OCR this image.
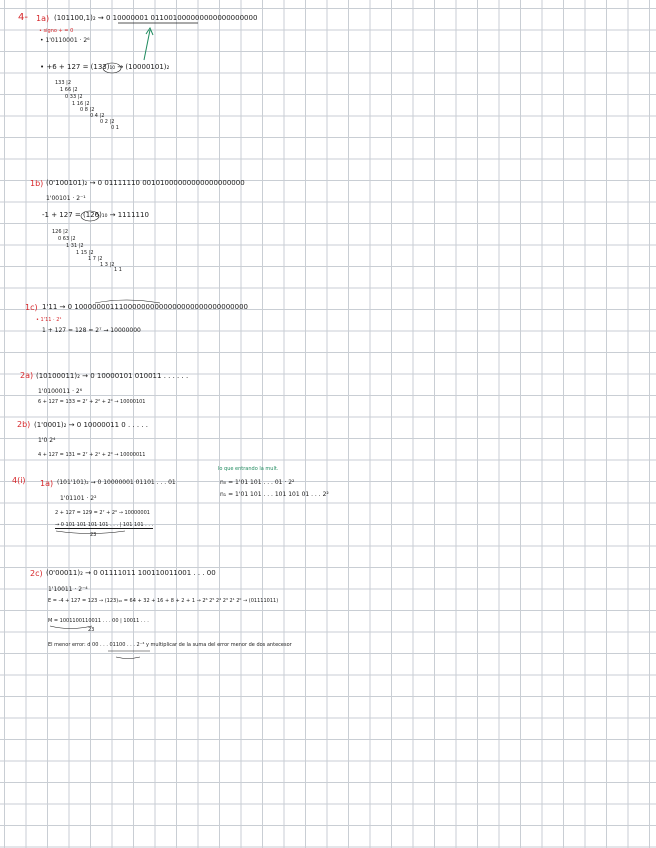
4- 1a) (101100,1)₂ ⇝ 0 10000001 011001000000000000000000
• signo + = 0
• 1'0110001 · 2⁶
• +6 + 127 = (133)₁₀ → (10000101)₂
133 |2
1 66 |2
0 33 |2
1 16 |2
0 8 |2
0 4 |2
0 2 |2
0 1
1b) (0'100101)₂ → 0 01111110 00101000000000000000000
1'00101 · 2⁻¹
-1 + 127 = (126)₁₀ → 1111110
126 |2
0 63 |2
1 31 |2
1 15 |2
1 7 |2
1 3 |2
1 1
1c) 1'11 → 0 100000001110000000000000000000000000000
• 1'11 · 2¹
1 + 127 = 128 = 2⁷ → 10000000
2a) (10100011)₂ → 0 10000101 010011 . . . . . .
1'0100011 · 2⁶
6 + 127 = 133 = 2⁷ + 2² + 2⁰ → 10000101
2b) (1'0001)₂ → 0 10000011 0 . . . . .
1'0 2⁴
4 + 127 = 131 = 2⁷ + 2¹ + 2⁰ → 10000011
4(i) 1a) (101'101)₂ → 0 10000001 01101 . . . 01
1'01101 · 2²
2 + 127 = 129 = 2⁷ + 2⁰ → 10000001
→ 0 101 101 101 101 . . . | 101 101 . . .
23
lo que entrando la mult.
n₀ = 1'01 101 . . . 01 · 2²
n₁ = 1'01 101 . . . 101 101 01 . . . 2²
2c) (0'00011)₂ → 0 01111011 100110011001 . . . 00
1'10011 · 2⁻⁴
E = -4 + 127 = 123 → (123)₁₀ = 64 + 32 + 16 + 8 + 2 + 1 → 2⁶ 2⁵ 2⁴ 2³ 2¹ 2⁰ → (01111011)
M = 1001100110011 . . . 00 | 10011 . . .
23
El menor error: d 00 . . . 01100 . . . 2⁻⁴ y multiplicar de la suma del error menor de dos antecesor
